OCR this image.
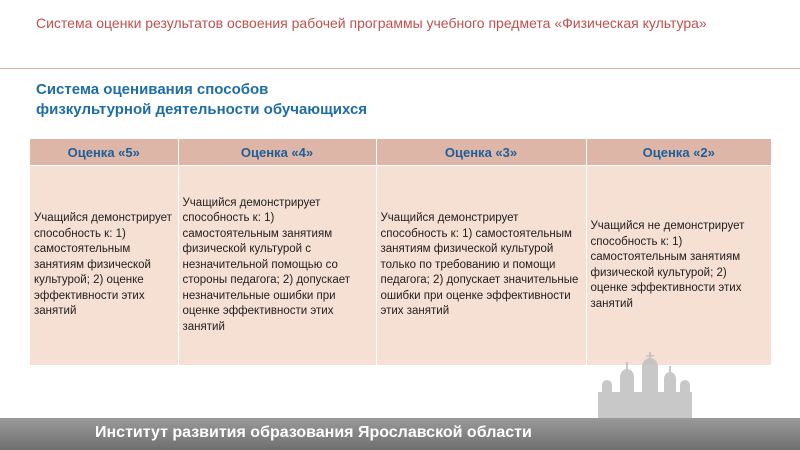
Система оценки результатов освоения рабочей программы учебного предмета «Физическая культура»
Система оценивания способов
физкультурной деятельности обучающихся
Оценка «5»	Оценка «4»	Оценка «3»	Оценка «2»
Учащийся демонстрирует способность к: 1) самостоятельным занятиям физической культурой; 2) оценке эффективности этих занятий	Учащийся демонстрирует способность к: 1) самостоятельным занятиям физической культурой с незначительной помощью со стороны педагога; 2) допускает незначительные ошибки при оценке эффективности этих занятий	Учащийся демонстрирует способность к: 1) самостоятельным занятиям физической культурой только по требованию и помощи педагога; 2) допускает значительные ошибки при оценке эффективности этих занятий	Учащийся не демонстрирует способность к: 1) самостоятельным занятиям физической культурой; 2) оценке эффективности этих занятий
Институт развития образования Ярославской области
